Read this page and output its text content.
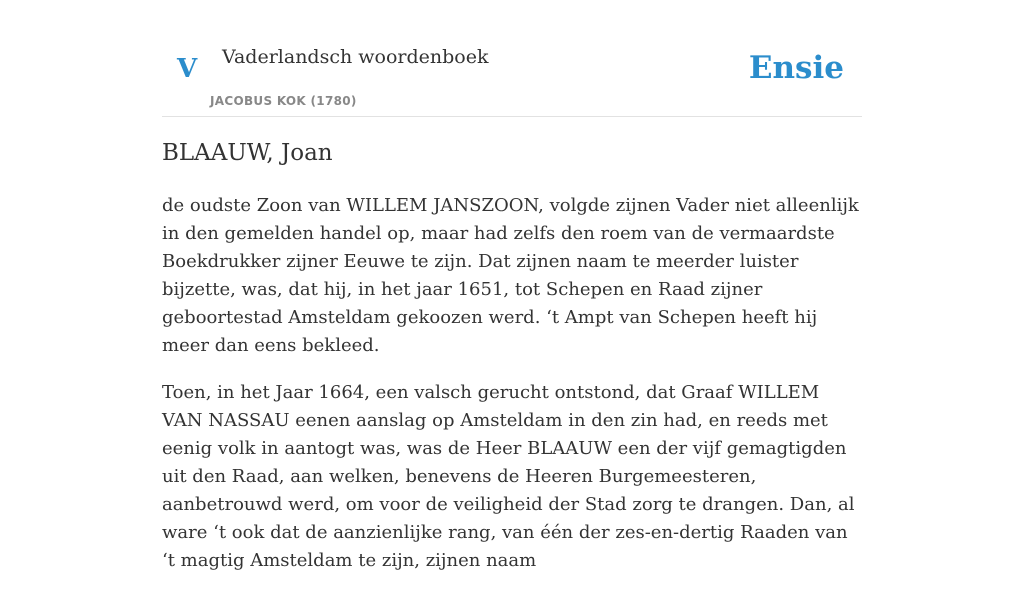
V Vaderlandsch woordenboek
JACOBUS KOK (1780)
Ensie
BLAAUW, Joan

de oudste Zoon van WILLEM JANSZOON, volgde zijnen Vader niet alleenlijk in den gemelden handel op, maar had zelfs den roem van de vermaardste Boekdrukker zijner Eeuwe te zijn. Dat zijnen naam te meerder luister bijzette, was, dat hij, in het jaar 1651, tot Schepen en Raad zijner geboortestad Amsteldam gekoozen werd. ‘t Ampt van Schepen heeft hij meer dan eens bekleed.

Toen, in het Jaar 1664, een valsch gerucht ontstond, dat Graaf WILLEM VAN NASSAU eenen aanslag op Amsteldam in den zin had, en reeds met eenig volk in aantogt was, was de Heer BLAAUW een der vijf gemagtigden uit den Raad, aan welken, benevens de Heeren Burgemeesteren, aanbetrouwd werd, om voor de veiligheid der Stad zorg te drangen. Dan, al ware ‘t ook dat de aanzienlijke rang, van één der zes-en-dertig Raaden van ‘t magtig Amsteldam te zijn, zijnen naam
